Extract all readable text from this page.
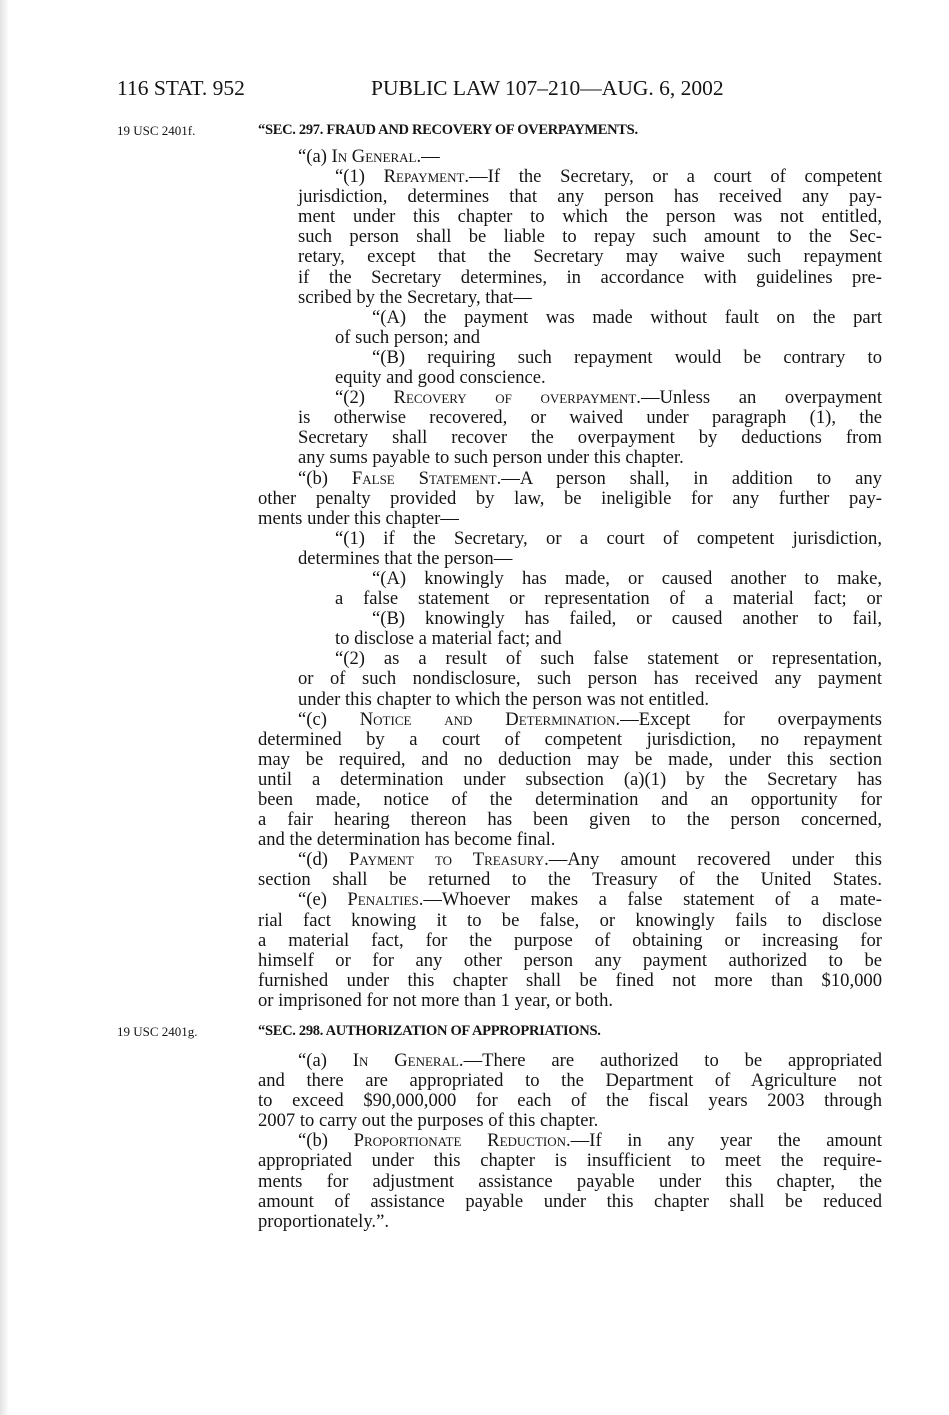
116 STAT. 952	PUBLIC LAW 107–210—AUG. 6, 2002
19 USC 2401f.	“SEC. 297. FRAUD AND RECOVERY OF OVERPAYMENTS.
“(a) In General.—
“(1) Repayment.—If the Secretary, or a court of competent
jurisdiction, determines that any person has received any pay-
ment under this chapter to which the person was not entitled,
such person shall be liable to repay such amount to the Sec-
retary, except that the Secretary may waive such repayment
if the Secretary determines, in accordance with guidelines pre-
scribed by the Secretary, that—
“(A) the payment was made without fault on the part
of such person; and
“(B) requiring such repayment would be contrary to
equity and good conscience.
“(2) Recovery of overpayment.—Unless an overpayment
is otherwise recovered, or waived under paragraph (1), the
Secretary shall recover the overpayment by deductions from
any sums payable to such person under this chapter.
“(b) False Statement.—A person shall, in addition to any
other penalty provided by law, be ineligible for any further pay-
ments under this chapter—
“(1) if the Secretary, or a court of competent jurisdiction,
determines that the person—
“(A) knowingly has made, or caused another to make,
a false statement or representation of a material fact; or
“(B) knowingly has failed, or caused another to fail,
to disclose a material fact; and
“(2) as a result of such false statement or representation,
or of such nondisclosure, such person has received any payment
under this chapter to which the person was not entitled.
“(c) Notice and Determination.—Except for overpayments
determined by a court of competent jurisdiction, no repayment
may be required, and no deduction may be made, under this section
until a determination under subsection (a)(1) by the Secretary has
been made, notice of the determination and an opportunity for
a fair hearing thereon has been given to the person concerned,
and the determination has become final.
“(d) Payment to Treasury.—Any amount recovered under this
section shall be returned to the Treasury of the United States.
“(e) Penalties.—Whoever makes a false statement of a mate-
rial fact knowing it to be false, or knowingly fails to disclose
a material fact, for the purpose of obtaining or increasing for
himself or for any other person any payment authorized to be
furnished under this chapter shall be fined not more than $10,000
or imprisoned for not more than 1 year, or both.
19 USC 2401g.	“SEC. 298. AUTHORIZATION OF APPROPRIATIONS.
“(a) In General.—There are authorized to be appropriated
and there are appropriated to the Department of Agriculture not
to exceed $90,000,000 for each of the fiscal years 2003 through
2007 to carry out the purposes of this chapter.
“(b) Proportionate Reduction.—If in any year the amount
appropriated under this chapter is insufficient to meet the require-
ments for adjustment assistance payable under this chapter, the
amount of assistance payable under this chapter shall be reduced
proportionately.”.
